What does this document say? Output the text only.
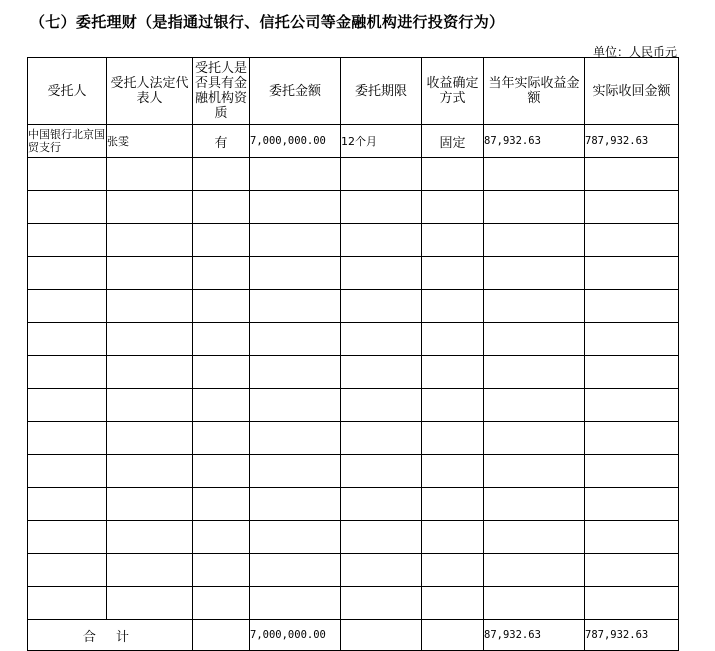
（七）委托理财（是指通过银行、信托公司等金融机构进行投资行为）
单位：人民币元
受托人	受托人法定代表人	受托人是否具有金融机构资质	委托金额	委托期限	收益确定方式	当年实际收益金额	实际收回金额
中国银行北京国贸支行	张雯	有	7,000,000.00	12个月	固定	87,932.63	787,932.63

合 计			7,000,000.00			87,932.63	787,932.63
